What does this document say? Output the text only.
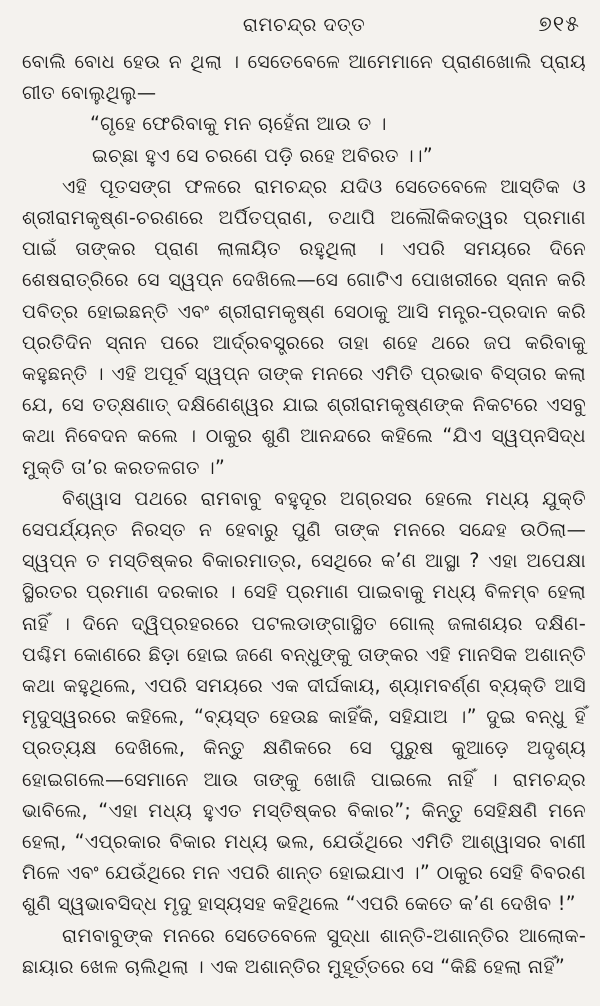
ରାମଚନ୍ଦ୍ର ଦତ୍ତ	୭୧୫

ବୋଲି ବୋଧ ହେଉ ନ ଥିଲା । ସେତେବେଳେ ଆମେମାନେ ପ୍ରାଣଖୋଲି ପ୍ରାୟ ଗୀତ ବୋଲୁଥିଲୁ—

“ଗୃହେ ଫେରିବାକୁ ମନ ଚାହେଁନା ଆଉ ତ ।
ଇଚ୍ଛା ହୁଏ ସେ ଚରଣେ ପଡ଼ି ରହେ ଅବିରତ ।।”

ଏହି ପୂତସଙ୍ଗ ଫଳରେ ରାମଚନ୍ଦ୍ର ଯଦିଓ ସେତେବେଳେ ଆସ୍ତିକ ଓ ଶ୍ରୀରାମକୃଷ୍ଣ-ଚରଣରେ ଅର୍ପିତପ୍ରାଣ, ତଥାପି ଅଲୌକିକତ୍ୱର ପ୍ରମାଣ ପାଇଁ ତାଙ୍କର ପ୍ରାଣ ଲାଳାୟିତ ରହୁଥିଲା । ଏପରି ସମୟରେ ଦିନେ ଶେଷରାତ୍ରିରେ ସେ ସ୍ୱପ୍ନ ଦେଖିଲେ—ସେ ଗୋଟିଏ ପୋଖରୀରେ ସ୍ନାନ କରି ପବିତ୍ର ହୋଇଛନ୍ତି ଏବଂ ଶ୍ରୀରାମକୃଷ୍ଣ ସେଠାକୁ ଆସି ମନ୍ତ୍ର-ପ୍ରଦାନ କରି ପ୍ରତିଦିନ ସ୍ନାନ ପରେ ଆର୍ଦ୍ରବସ୍ତ୍ରରେ ତାହା ଶହେ ଥରେ ଜପ କରିବାକୁ କହୁଛନ୍ତି । ଏହି ଅପୂର୍ବ ସ୍ୱପ୍ନ ତାଙ୍କ ମନରେ ଏମିତି ପ୍ରଭାବ ବିସ୍ତାର କଲା ଯେ, ସେ ତତ୍‌କ୍ଷଣାତ୍ ଦକ୍ଷିଣେଶ୍ୱର ଯାଇ ଶ୍ରୀରାମକୃଷ୍ଣଙ୍କ ନିକଟରେ ଏସବୁ କଥା ନିବେଦନ କଲେ । ଠାକୁର ଶୁଣି ଆନନ୍ଦରେ କହିଲେ “ଯିଏ ସ୍ୱପ୍ନସିଦ୍ଧ ମୁକ୍ତି ତା’ର କରତଳଗତ ।”

ବିଶ୍ୱାସ ପଥରେ ରାମବାବୁ ବହୁଦୂର ଅଗ୍ରସର ହେଲେ ମଧ୍ୟ ଯୁକ୍ତି ସେପର୍ଯ୍ୟନ୍ତ ନିରସ୍ତ ନ ହେବାରୁ ପୁଣି ତାଙ୍କ ମନରେ ସନ୍ଦେହ ଉଠିଲା—ସ୍ୱପ୍ନ ତ ମସ୍ତିଷ୍କର ବିକାରମାତ୍ର, ସେଥିରେ କ’ଣ ଆସ୍ଥା ? ଏହା ଅପେକ୍ଷା ସ୍ଥିରତର ପ୍ରମାଣ ଦରକାର । ସେହି ପ୍ରମାଣ ପାଇବାକୁ ମଧ୍ୟ ବିଳମ୍ବ ହେଲା ନାହିଁ । ଦିନେ ଦ୍ୱିପ୍ରହରରେ ପଟଲଡାଙ୍ଗାସ୍ଥିତ ଗୋଲ୍ ଜଳାଶୟର ଦକ୍ଷିଣ-ପଶ୍ଚିମ କୋଣରେ ଛିଡ଼ା ହୋଇ ଜଣେ ବନ୍ଧୁଙ୍କୁ ତାଙ୍କର ଏହି ମାନସିକ ଅଶାନ୍ତି କଥା କହୁଥିଲେ, ଏପରି ସମୟରେ ଏକ ଦୀର୍ଘକାୟ, ଶ୍ୟାମବର୍ଣ୍ଣ ବ୍ୟକ୍ତି ଆସି ମୃଦୁସ୍ୱରରେ କହିଲେ, “ବ୍ୟସ୍ତ ହେଉଛ କାହିଁକି, ସହିଯାଅ ।” ଦୁଇ ବନ୍ଧୁ ହିଁ ପ୍ରତ୍ୟକ୍ଷ ଦେଖିଲେ, କିନ୍ତୁ କ୍ଷଣିକରେ ସେ ପୁରୁଷ କୁଆଡ଼େ ଅଦୃଶ୍ୟ ହୋଇଗଲେ—ସେମାନେ ଆଉ ତାଙ୍କୁ ଖୋଜି ପାଇଲେ ନାହିଁ । ରାମଚନ୍ଦ୍ର ଭାବିଲେ, “ଏହା ମଧ୍ୟ ହୁଏତ ମସ୍ତିଷ୍କର ବିକାର”; କିନ୍ତୁ ସେହିକ୍ଷଣି ମନେ ହେଲା, “ଏପ୍ରକାର ବିକାର ମଧ୍ୟ ଭଲ, ଯେଉଁଥିରେ ଏମିତି ଆଶ୍ୱାସର ବାଣୀ ମିଳେ ଏବଂ ଯେଉଁଥିରେ ମନ ଏପରି ଶାନ୍ତ ହୋଇଯାଏ ।” ଠାକୁର ସେହି ବିବରଣ ଶୁଣି ସ୍ୱଭାବସିଦ୍ଧ ମୃଦୁ ହାସ୍ୟସହ କହିଥିଲେ “ଏପରି କେତେ କ’ଣ ଦେଖିବ !”

ରାମବାବୁଙ୍କ ମନରେ ସେତେବେଳେ ସୁଦ୍ଧା ଶାନ୍ତି-ଅଶାନ୍ତିର ଆଲୋକ-ଛାୟାର ଖେଳ ଚାଲିଥିଲା । ଏକ ଅଶାନ୍ତିର ମୁହୂର୍ତ୍ତରେ ସେ “କିଛି ହେଲା ନାହିଁ”
